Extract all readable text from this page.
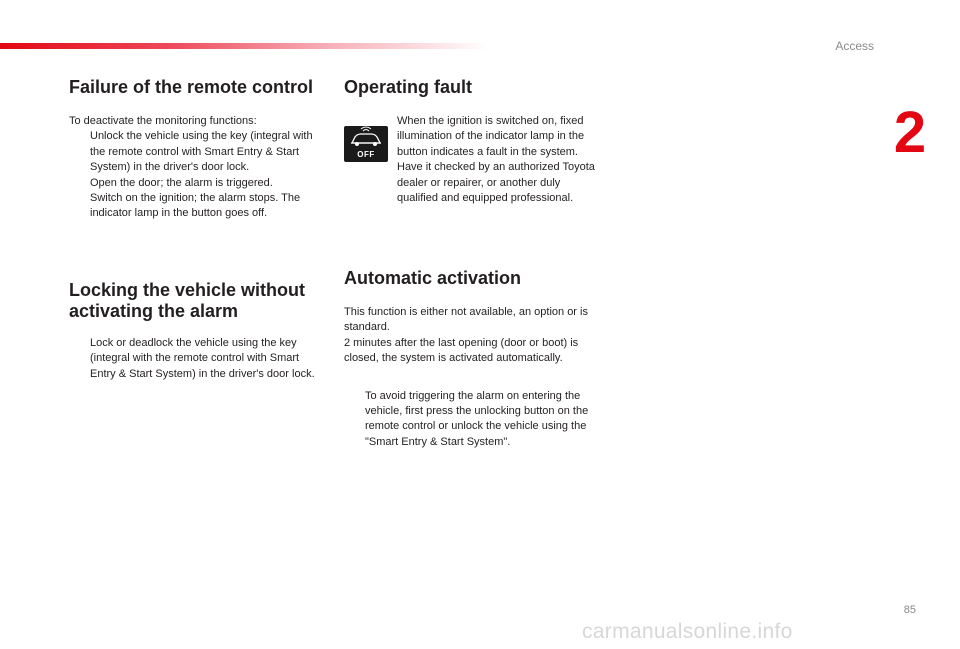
Access
2
Failure of the remote control

To deactivate the monitoring functions:

Unlock the vehicle using the key (integral with the remote control with Smart Entry & Start System) in the driver's door lock.
Open the door; the alarm is triggered.
Switch on the ignition; the alarm stops. The indicator lamp in the button goes off.
Locking the vehicle without activating the alarm
Lock or deadlock the vehicle using the key (integral with the remote control with Smart Entry & Start System) in the driver's door lock.
Operating fault
OFF

When the ignition is switched on, fixed illumination of the indicator lamp in the button indicates a fault in the system.

Have it checked by an authorized Toyota dealer or repairer, or another duly qualified and equipped professional.

Automatic activation

This function is either not available, an option or is standard.

2 minutes after the last opening (door or boot) is closed, the system is activated automatically.

To avoid triggering the alarm on entering the vehicle, first press the unlocking button on the remote control or unlock the vehicle using the "Smart Entry & Start System".
85
carmanualsonline.info
